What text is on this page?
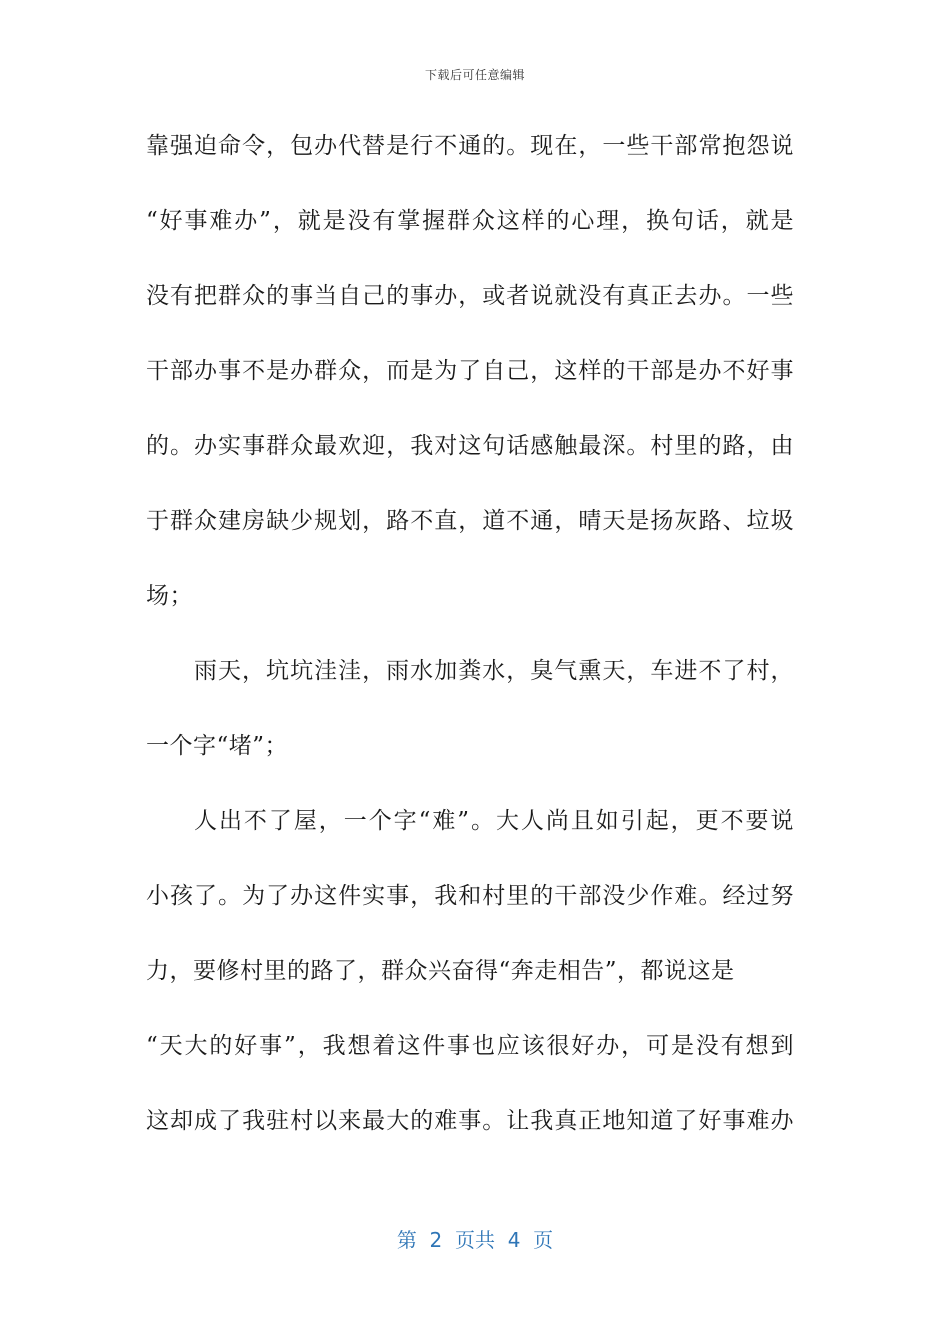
下载后可任意编辑
靠强迫命令，包办代替是行不通的。现在，一些干部常抱怨说
“好事难办”，就是没有掌握群众这样的心理，换句话，就是
没有把群众的事当自己的事办，或者说就没有真正去办。一些
干部办事不是办群众，而是为了自己，这样的干部是办不好事
的。办实事群众最欢迎，我对这句话感触最深。村里的路，由
于群众建房缺少规划，路不直，道不通，晴天是扬灰路、垃圾
场；
雨天，坑坑洼洼，雨水加粪水，臭气熏天，车进不了村，
一个字“堵”；
人出不了屋，一个字“难”。大人尚且如引起，更不要说
小孩了。为了办这件实事，我和村里的干部没少作难。经过努
力，要修村里的路了，群众兴奋得“奔走相告”，都说这是
“天大的好事”，我想着这件事也应该很好办，可是没有想到
这却成了我驻村以来最大的难事。让我真正地知道了好事难办
第  2  页共  4  页
